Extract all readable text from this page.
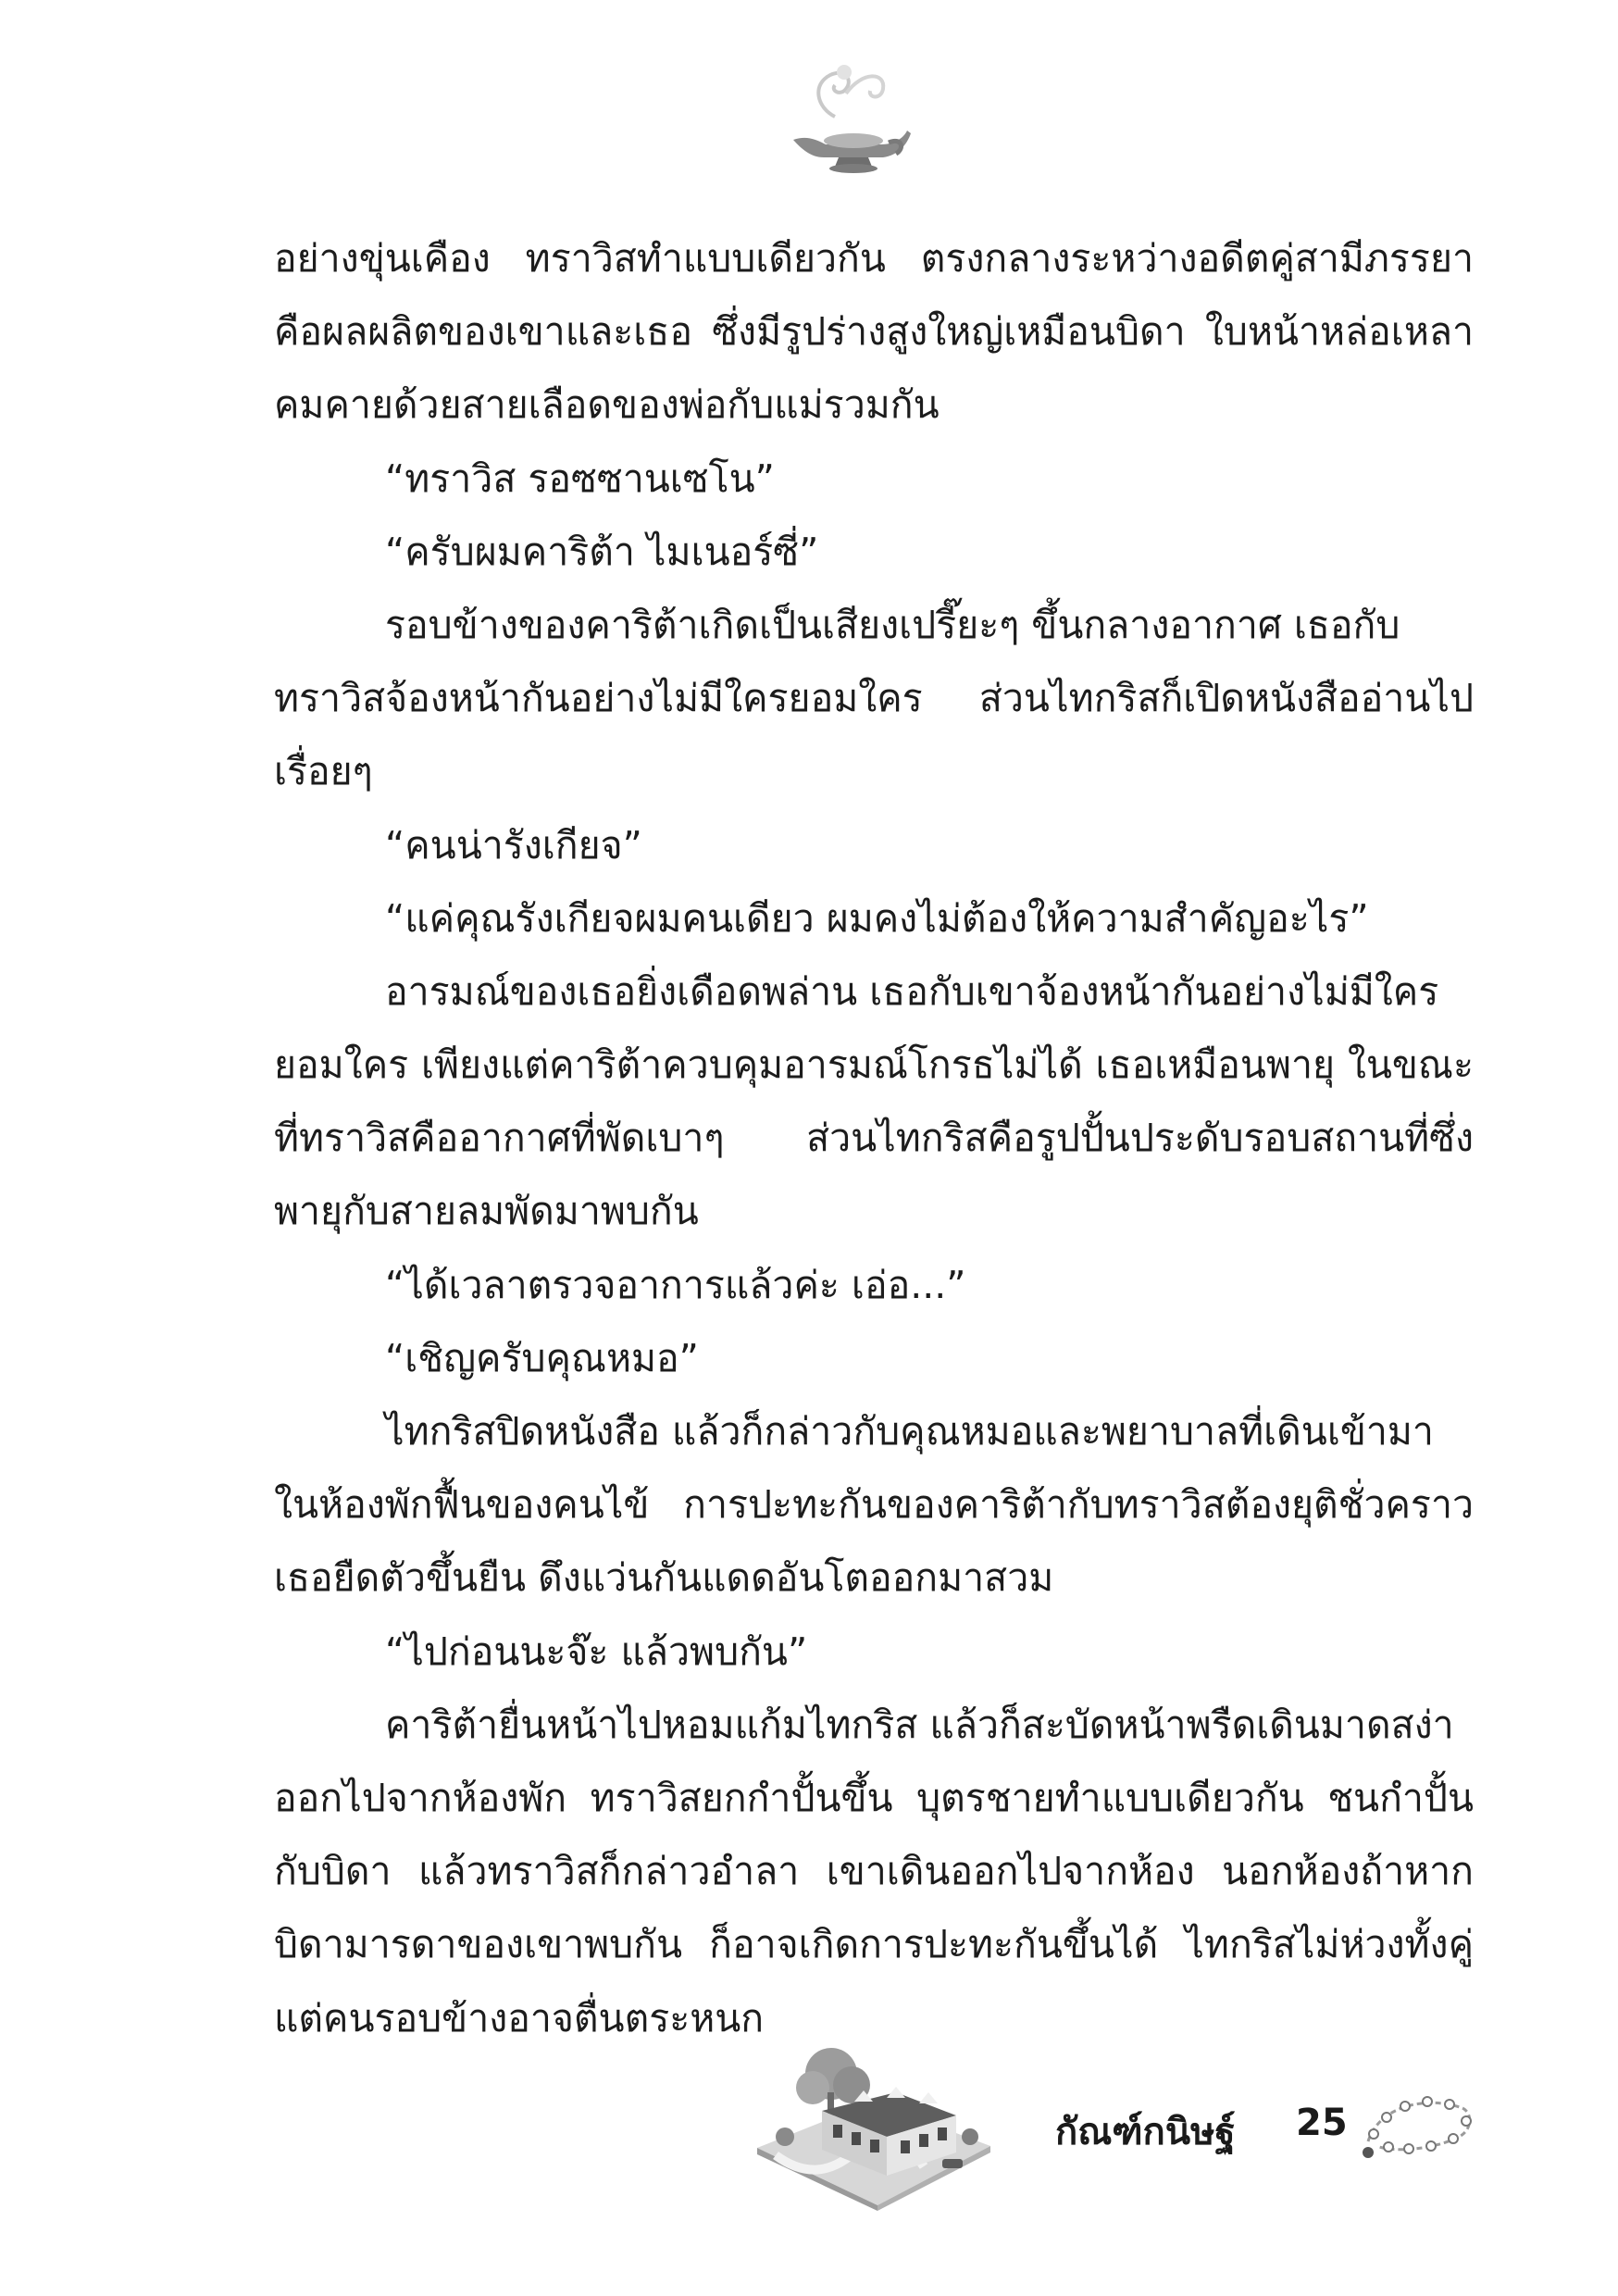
อย่างขุ่นเคือง ทราวิสทำแบบเดียวกัน ตรงกลางระหว่างอดีตคู่สามีภรรยา
คือผลผลิตของเขาและเธอ ซึ่งมีรูปร่างสูงใหญ่เหมือนบิดา ใบหน้าหล่อเหลา
คมคายด้วยสายเลือดของพ่อกับแม่รวมกัน
“ทราวิส รอซซานเซโน”
“ครับผมคาริต้า ไมเนอร์ซี่”
รอบข้างของคาริต้าเกิดเป็นเสียงเปรี๊ยะๆ ขึ้นกลางอากาศ เธอกับ
ทราวิสจ้องหน้ากันอย่างไม่มีใครยอมใคร ส่วนไทกริสก็เปิดหนังสืออ่านไป
เรื่อยๆ
“คนน่ารังเกียจ”
“แค่คุณรังเกียจผมคนเดียว ผมคงไม่ต้องให้ความสำคัญอะไร”
อารมณ์ของเธอยิ่งเดือดพล่าน เธอกับเขาจ้องหน้ากันอย่างไม่มีใคร
ยอมใคร เพียงแต่คาริต้าควบคุมอารมณ์โกรธไม่ได้ เธอเหมือนพายุ ในขณะ
ที่ทราวิสคืออากาศที่พัดเบาๆ ส่วนไทกริสคือรูปปั้นประดับรอบสถานที่ซึ่ง
พายุกับสายลมพัดมาพบกัน
“ได้เวลาตรวจอาการแล้วค่ะ เอ่อ...”
“เชิญครับคุณหมอ”
ไทกริสปิดหนังสือ แล้วก็กล่าวกับคุณหมอและพยาบาลที่เดินเข้ามา
ในห้องพักฟื้นของคนไข้ การปะทะกันของคาริต้ากับทราวิสต้องยุติชั่วคราว
เธอยืดตัวขึ้นยืน ดึงแว่นกันแดดอันโตออกมาสวม
“ไปก่อนนะจ๊ะ แล้วพบกัน”
คาริต้ายื่นหน้าไปหอมแก้มไทกริส แล้วก็สะบัดหน้าพรืดเดินมาดสง่า
ออกไปจากห้องพัก ทราวิสยกกำปั้นขึ้น บุตรชายทำแบบเดียวกัน ชนกำปั้น
กับบิดา แล้วทราวิสก็กล่าวอำลา เขาเดินออกไปจากห้อง นอกห้องถ้าหาก
บิดามารดาของเขาพบกัน ก็อาจเกิดการปะทะกันขึ้นได้ ไทกริสไม่ห่วงทั้งคู่
แต่คนรอบข้างอาจตื่นตระหนก
กัณฑ์กนิษฐ์ 25
